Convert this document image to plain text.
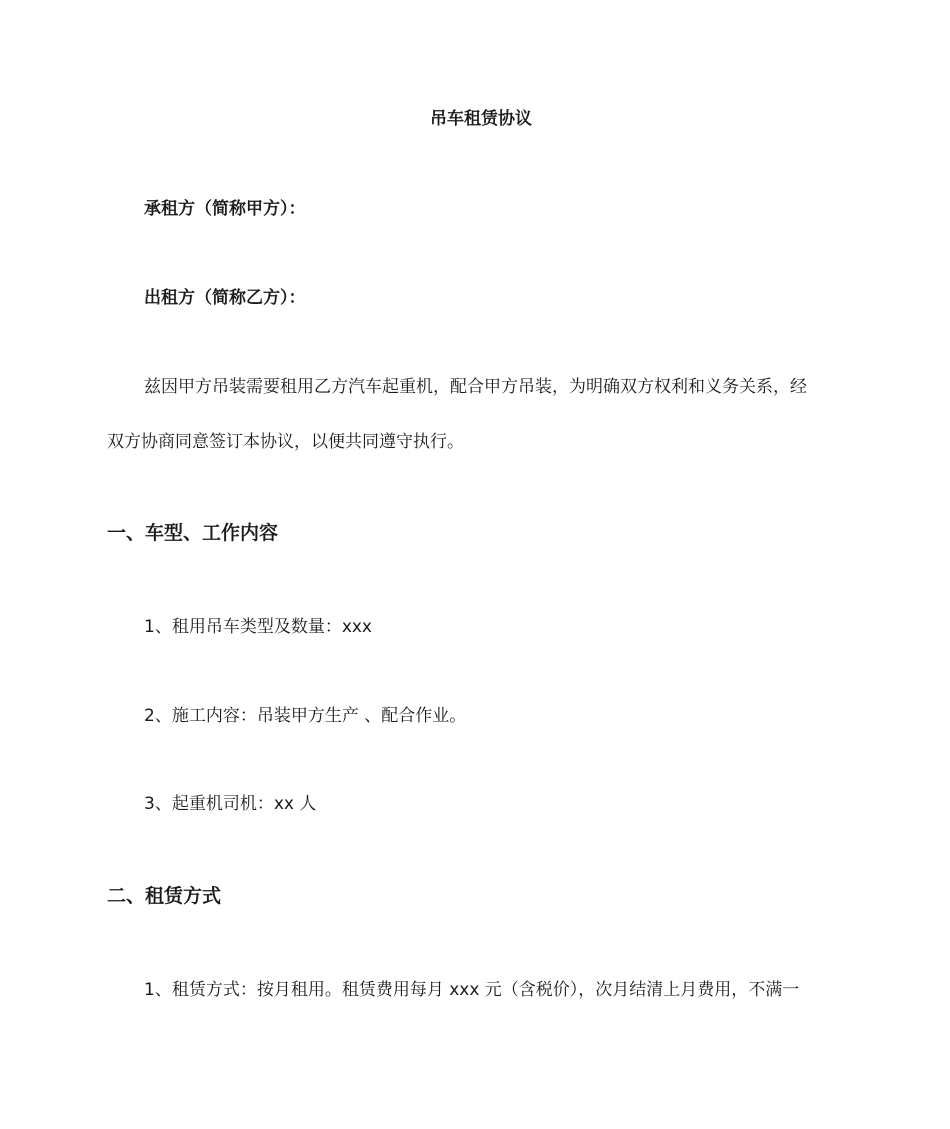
吊车租赁协议
承租方（简称甲方）：
出租方（简称乙方）：
兹因甲方吊装需要租用乙方汽车起重机，配合甲方吊装，为明确双方权利和义务关系，经
双方协商同意签订本协议，以便共同遵守执行。
一、车型、工作内容
1、租用吊车类型及数量：xxx
2、施工内容：吊装甲方生产 、配合作业。
3、起重机司机：xx 人
二、租赁方式
1、租赁方式：按月租用。租赁费用每月 xxx 元（含税价），次月结清上月费用，不满一
